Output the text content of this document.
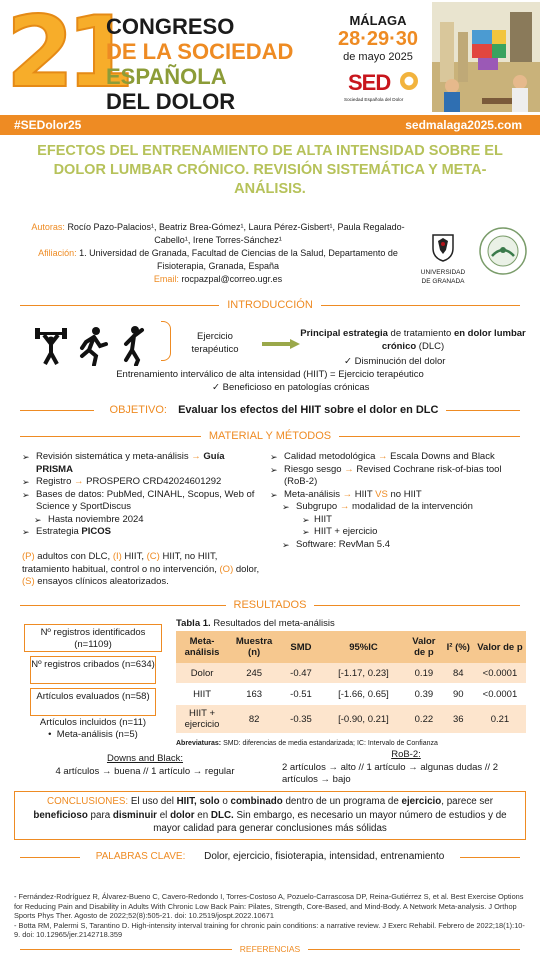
21
CONGRESO
DE LA SOCIEDAD
ESPAÑOLA
DEL DOLOR
MÁLAGA
28·29·30
de mayo 2025
SED
Sociedad Española del Dolor
#SEDolor25	sedmalaga2025.com
EFECTOS DEL ENTRENAMIENTO DE ALTA INTENSIDAD SOBRE EL DOLOR LUMBAR CRÓNICO. REVISIÓN SISTEMÁTICA Y META-ANÁLISIS.
Autoras: Rocío Pazo-Palacios¹, Beatriz Brea-Gómez¹, Laura Pérez-Gisbert¹, Paula Regalado-Cabello¹, Irene Torres-Sánchez¹
Afiliación: 1. Universidad de Granada, Facultad de Ciencias de la Salud, Departamento de Fisioterapia, Granada, España
Email: rocpazpal@correo.ugr.es
UNIVERSIDAD
DE GRANADA
INTRODUCCIÓN
Ejercicio terapéutico
Principal estrategia de tratamiento en dolor lumbar crónico (DLC)
✓ Disminución del dolor
Entrenamiento interválico de alta intensidad (HIIT) = Ejercicio terapéutico
✓ Beneficioso en patologías crónicas
OBJETIVO: Evaluar los efectos del HIIT sobre el dolor en DLC
MATERIAL Y MÉTODOS
➢ Revisión sistemática y meta-análisis → Guía PRISMA
➢ Registro → PROSPERO CRD42024601292
➢ Bases de datos: PubMed, CINAHL, Scopus, Web of Science y SportDiscus
➢ Hasta noviembre 2024
➢ Estrategia PICOS
(P) adultos con DLC, (I) HIIT, (C) HIIT, no HIIT, tratamiento habitual, control o no intervención, (O) dolor, (S) ensayos clínicos aleatorizados.
➢ Calidad metodológica → Escala Downs and Black
➢ Riesgo sesgo → Revised Cochrane risk-of-bias tool (RoB-2)
➢ Meta-análisis → HIIT VS no HIIT
➢ Subgrupo → modalidad de la intervención
➢ HIIT
➢ HIIT + ejercicio
➢ Software: RevMan 5.4
RESULTADOS
Nº registros identificados (n=1109)
Nº registros cribados (n=634)
Artículos evaluados (n=58)
Artículos incluidos (n=11)
•  Meta-análisis (n=5)
Tabla 1. Resultados del meta-análisis
Meta-análisis	Muestra (n)	SMD	95%IC	Valor de p	I² (%)	Valor de p
Dolor	245	-0.47	[-1.17, 0.23]	0.19	84	<0.0001
HIIT	163	-0.51	[-1.66, 0.65]	0.39	90	<0.0001
HIIT + ejercicio	82	-0.35	[-0.90, 0.21]	0.22	36	0.21
Abreviaturas: SMD: diferencias de media estandarizada; IC: Intervalo de Confianza
Downs and Black:
4 artículos → buena // 1 artículo → regular
RoB-2:
2 artículos → alto // 1 artículo → algunas dudas // 2 artículos → bajo
CONCLUSIONES: El uso del HIIT, solo o combinado dentro de un programa de ejercicio, parece ser beneficioso para disminuir el dolor en DLC. Sin embargo, es necesario un mayor número de estudios y de mayor calidad para generar conclusiones más sólidas
PALABRAS CLAVE: Dolor, ejercicio, fisioterapia, intensidad, entrenamiento
- Fernández-Rodríguez R, Álvarez-Bueno C, Cavero-Redondo I, Torres-Costoso A, Pozuelo-Carrascosa DP, Reina-Gutiérrez S, et al. Best Exercise Options for Reducing Pain and Disability in Adults With Chronic Low Back Pain: Pilates, Strength, Core-Based, and Mind-Body. A Network Meta-analysis. J Orthop Sports Phys Ther. Agosto de 2022;52(8):505-21. doi: 10.2519/jospt.2022.10671
- Botta RM, Palermi S, Tarantino D. High-intensity interval training for chronic pain conditions: a narrative review. J Exerc Rehabil. Febrero de 2022;18(1):10-9. doi: 10.12965/jer.2142718.359
REFERENCIAS
